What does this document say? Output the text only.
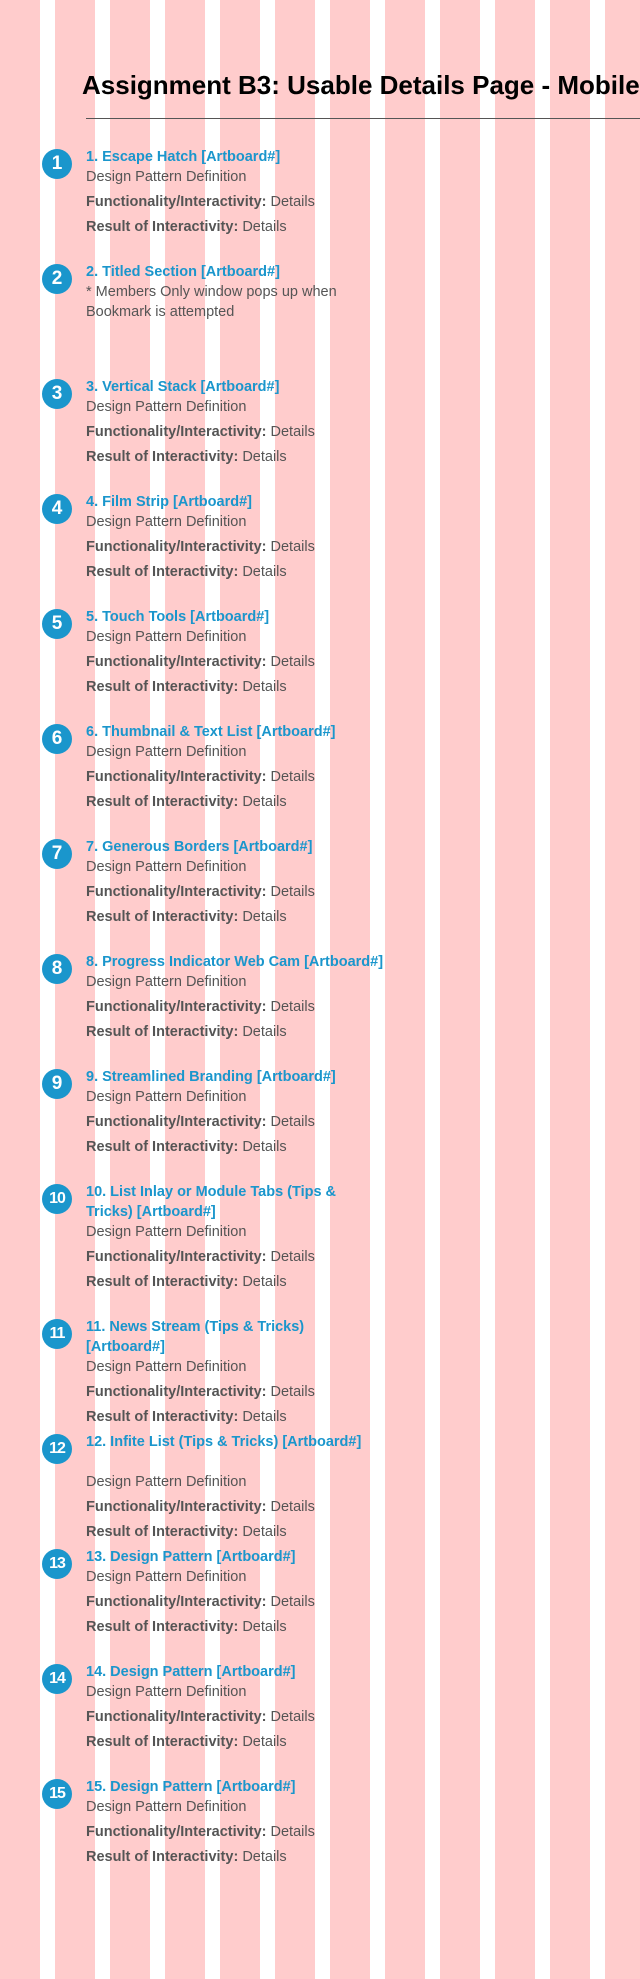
Assignment B3: Usable Details Page - Mobile
1	1. Escape Hatch [Artboard#]
Design Pattern Definition
Functionality/Interactivity: Details
Result of Interactivity: Details
2	2. Titled Section [Artboard#]
* Members Only window pops up when Bookmark is attempted
3	3. Vertical Stack [Artboard#]
Design Pattern Definition
Functionality/Interactivity: Details
Result of Interactivity: Details
4	4. Film Strip [Artboard#]
Design Pattern Definition
Functionality/Interactivity: Details
Result of Interactivity: Details
5	5. Touch Tools [Artboard#]
Design Pattern Definition
Functionality/Interactivity: Details
Result of Interactivity: Details
6	6. Thumbnail & Text List [Artboard#]
Design Pattern Definition
Functionality/Interactivity: Details
Result of Interactivity: Details
7	7. Generous Borders [Artboard#]
Design Pattern Definition
Functionality/Interactivity: Details
Result of Interactivity: Details
8	8. Progress Indicator Web Cam [Artboard#]
Design Pattern Definition
Functionality/Interactivity: Details
Result of Interactivity: Details
9	9. Streamlined Branding [Artboard#]
Design Pattern Definition
Functionality/Interactivity: Details
Result of Interactivity: Details
10	10. List Inlay or Module Tabs (Tips & Tricks) [Artboard#]
Design Pattern Definition
Functionality/Interactivity: Details
Result of Interactivity: Details
11	11. News Stream (Tips & Tricks) [Artboard#]
Design Pattern Definition
Functionality/Interactivity: Details
Result of Interactivity: Details
12	12. Infite List (Tips & Tricks) [Artboard#]
Design Pattern Definition
Functionality/Interactivity: Details
Result of Interactivity: Details
13	13. Design Pattern [Artboard#]
Design Pattern Definition
Functionality/Interactivity: Details
Result of Interactivity: Details
14	14. Design Pattern [Artboard#]
Design Pattern Definition
Functionality/Interactivity: Details
Result of Interactivity: Details
15	15. Design Pattern [Artboard#]
Design Pattern Definition
Functionality/Interactivity: Details
Result of Interactivity: Details
